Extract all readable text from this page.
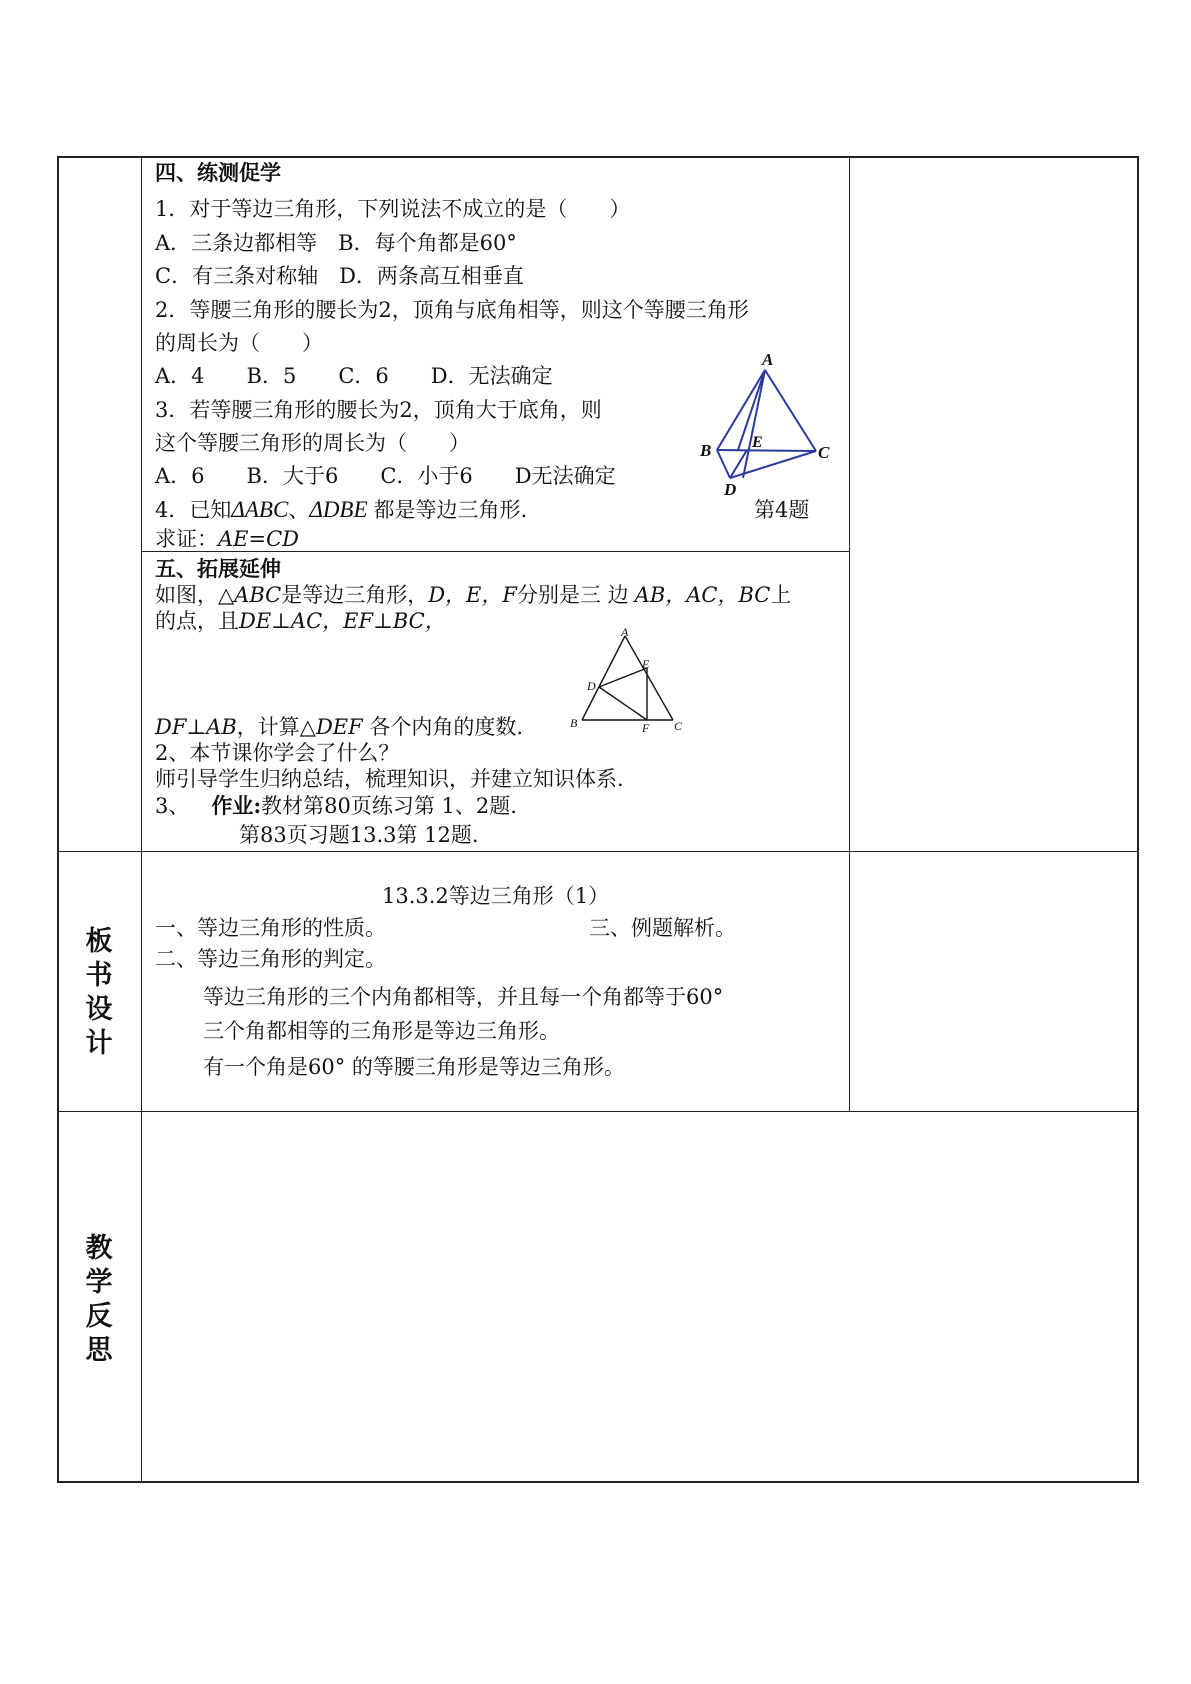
四、练测促学
1．对于等边三角形，下列说法不成立的是（　　）
A．三条边都相等　B．每个角都是60°
C．有三条对称轴　D．两条高互相垂直
2．等腰三角形的腰长为2，顶角与底角相等，则这个等腰三角形
的周长为（　　）
A．4　　B．5　　C．6　　D．无法确定
3．若等腰三角形的腰长为2，顶角大于底角，则
这个等腰三角形的周长为（　　）
A．6　　B．大于6　　C．小于6　　D无法确定
4．已知ΔABC、ΔDBE 都是等边三角形.	第4题
求证：AE=CD
A
B	C
D
E
五、拓展延伸
如图，△ABC是等边三角形，D，E，F分别是三 边 AB，AC，BC上
的点，且DE⊥AC，EF⊥BC，
DF⊥AB，计算△DEF 各个内角的度数.
2、本节课你学会了什么？
师引导学生归纳总结，梳理知识，并建立知识体系.
3、 作业:教材第80页练习第 1、2题.
第83页习题13.3第 12题.
A
B	C
D
E
F
板
书
设
计
13.3.2等边三角形（1）
一、等边三角形的性质。	三、例题解析。
二、等边三角形的判定。
等边三角形的三个内角都相等，并且每一个角都等于60°
三个角都相等的三角形是等边三角形。
有一个角是60° 的等腰三角形是等边三角形。
教
学
反
思
